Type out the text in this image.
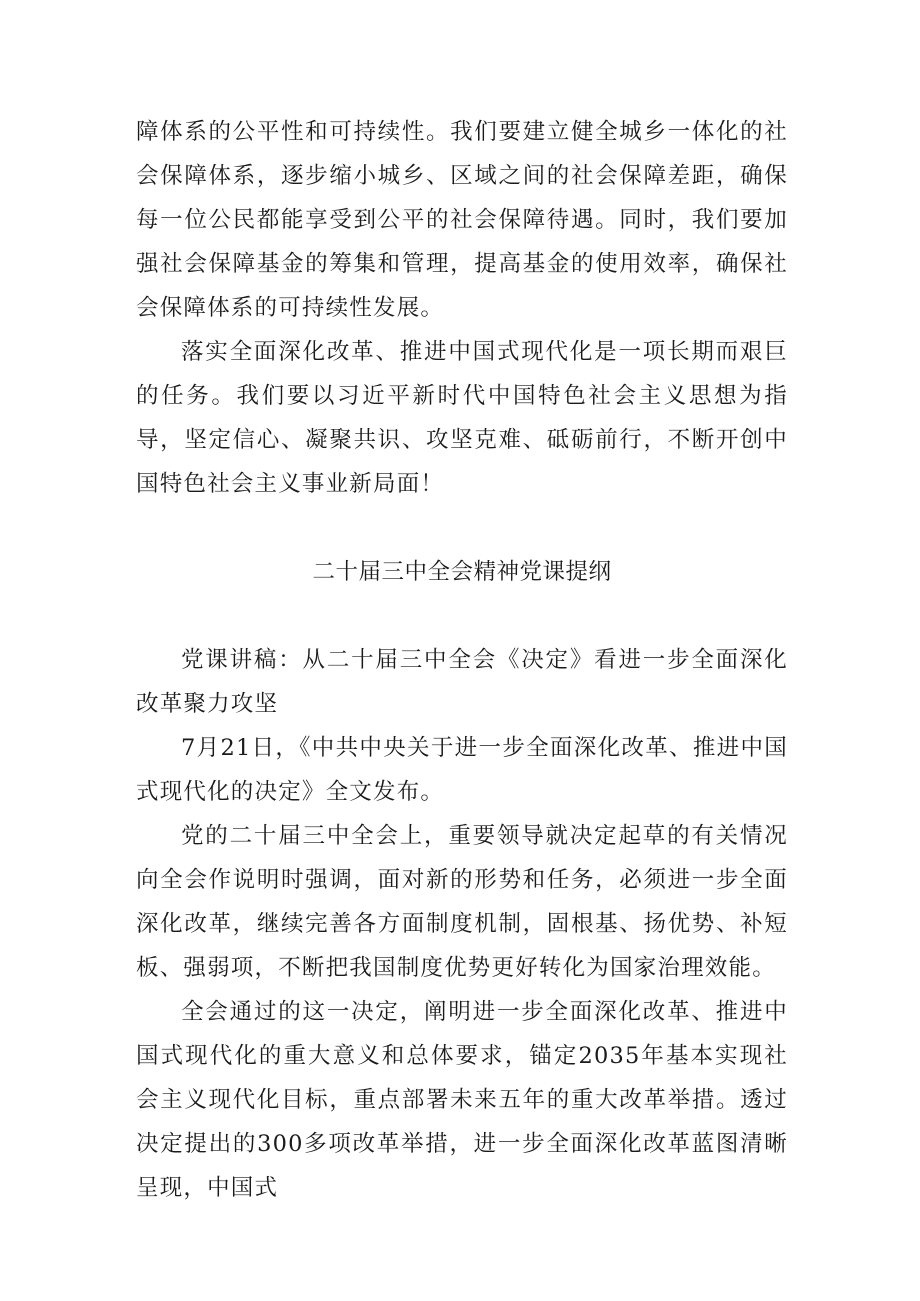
障体系的公平性和可持续性。我们要建立健全城乡一体化的社会保障体系，逐步缩小城乡、区域之间的社会保障差距，确保每一位公民都能享受到公平的社会保障待遇。同时，我们要加强社会保障基金的筹集和管理，提高基金的使用效率，确保社会保障体系的可持续性发展。

落实全面深化改革、推进中国式现代化是一项长期而艰巨的任务。我们要以习近平新时代中国特色社会主义思想为指导，坚定信心、凝聚共识、攻坚克难、砥砺前行，不断开创中国特色社会主义事业新局面！

二十届三中全会精神党课提纲

党课讲稿：从二十届三中全会《决定》看进一步全面深化改革聚力攻坚

7月21日，《中共中央关于进一步全面深化改革、推进中国式现代化的决定》全文发布。

党的二十届三中全会上，重要领导就决定起草的有关情况向全会作说明时强调，面对新的形势和任务，必须进一步全面深化改革，继续完善各方面制度机制，固根基、扬优势、补短板、强弱项，不断把我国制度优势更好转化为国家治理效能。

全会通过的这一决定，阐明进一步全面深化改革、推进中国式现代化的重大意义和总体要求，锚定2035年基本实现社会主义现代化目标，重点部署未来五年的重大改革举措。透过决定提出的300多项改革举措，进一步全面深化改革蓝图清晰呈现，中国式
